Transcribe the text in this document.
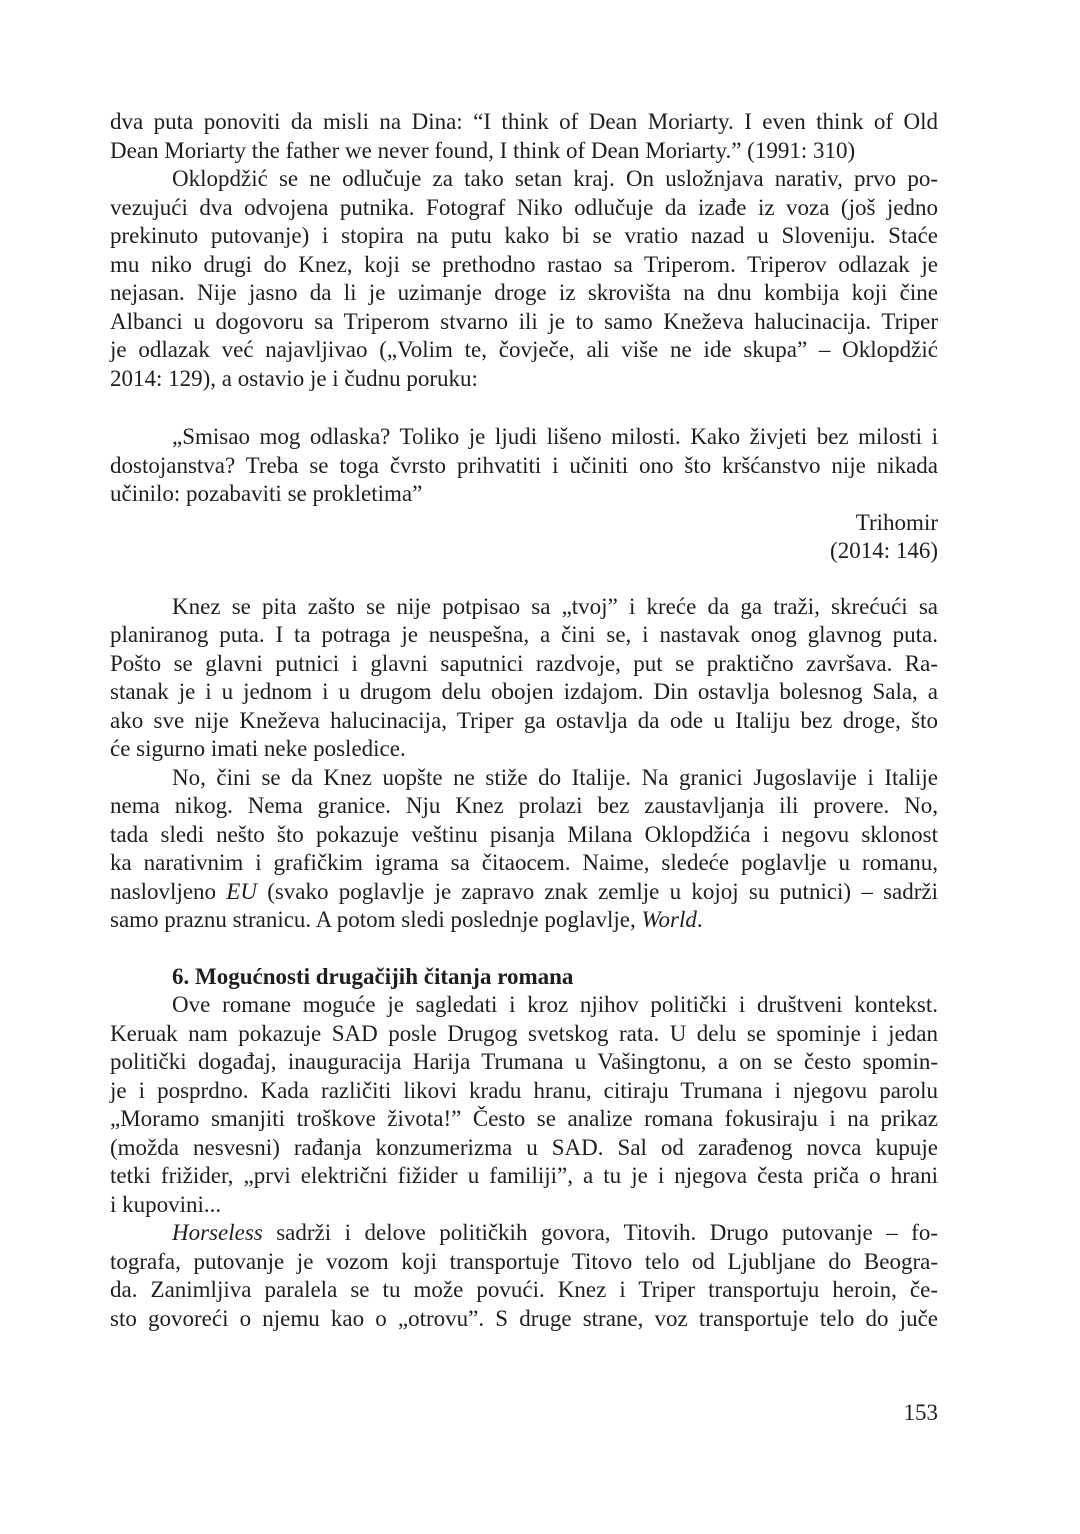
dva puta ponoviti da misli na Dina: “I think of Dean Moriarty. I even think of Old
Dean Moriarty the father we never found, I think of Dean Moriarty.” (1991: 310)
Oklopdžić se ne odlučuje za tako setan kraj. On usložnjava narativ, prvo po-
vezujući dva odvojena putnika. Fotograf Niko odlučuje da izađe iz voza (još jedno
prekinuto putovanje) i stopira na putu kako bi se vratio nazad u Sloveniju. Staće
mu niko drugi do Knez, koji se prethodno rastao sa Triperom. Triperov odlazak je
nejasan. Nije jasno da li je uzimanje droge iz skrovišta na dnu kombija koji čine
Albanci u dogovoru sa Triperom stvarno ili je to samo Kneževa halucinacija. Triper
je odlazak već najavljivao („Volim te, čovječe, ali više ne ide skupa” – Oklopdžić
2014: 129), a ostavio je i čudnu poruku:
„Smisao mog odlaska? Toliko je ljudi lišeno milosti. Kako živjeti bez milosti i
dostojanstva? Treba se toga čvrsto prihvatiti i učiniti ono što kršćanstvo nije nikada
učinilo: pozabaviti se prokletima”
Trihomir
(2014: 146)
Knez se pita zašto se nije potpisao sa „tvoj” i kreće da ga traži, skrećući sa
planiranog puta. I ta potraga je neuspešna, a čini se, i nastavak onog glavnog puta.
Pošto se glavni putnici i glavni saputnici razdvoje, put se praktično završava. Ra-
stanak je i u jednom i u drugom delu obojen izdajom. Din ostavlja bolesnog Sala, a
ako sve nije Kneževa halucinacija, Triper ga ostavlja da ode u Italiju bez droge, što
će sigurno imati neke posledice.
No, čini se da Knez uopšte ne stiže do Italije. Na granici Jugoslavije i Italije
nema nikog. Nema granice. Nju Knez prolazi bez zaustavljanja ili provere. No,
tada sledi nešto što pokazuje veštinu pisanja Milana Oklopdžića i negovu sklonost
ka narativnim i grafičkim igrama sa čitaocem. Naime, sledeće poglavlje u romanu,
naslovljeno EU (svako poglavlje je zapravo znak zemlje u kojoj su putnici) – sadrži
samo praznu stranicu. A potom sledi poslednje poglavlje, World.
6. Mogućnosti drugačijih čitanja romana
Ove romane moguće je sagledati i kroz njihov politički i društveni kontekst.
Keruak nam pokazuje SAD posle Drugog svetskog rata. U delu se spominje i jedan
politički događaj, inauguracija Harija Trumana u Vašingtonu, a on se često spomin-
je i posprdno. Kada različiti likovi kradu hranu, citiraju Trumana i njegovu parolu
„Moramo smanjiti troškove života!” Često se analize romana fokusiraju i na prikaz
(možda nesvesni) rađanja konzumerizma u SAD. Sal od zarađenog novca kupuje
tetki frižider, „prvi električni fižider u familiji”, a tu je i njegova česta priča o hrani
i kupovini...
Horseless sadrži i delove političkih govora, Titovih. Drugo putovanje – fo-
tografa, putovanje je vozom koji transportuje Titovo telo od Ljubljane do Beogra-
da. Zanimljiva paralela se tu može povući. Knez i Triper transportuju heroin, če-
sto govoreći o njemu kao o „otrovu”. S druge strane, voz transportuje telo do juče
153
